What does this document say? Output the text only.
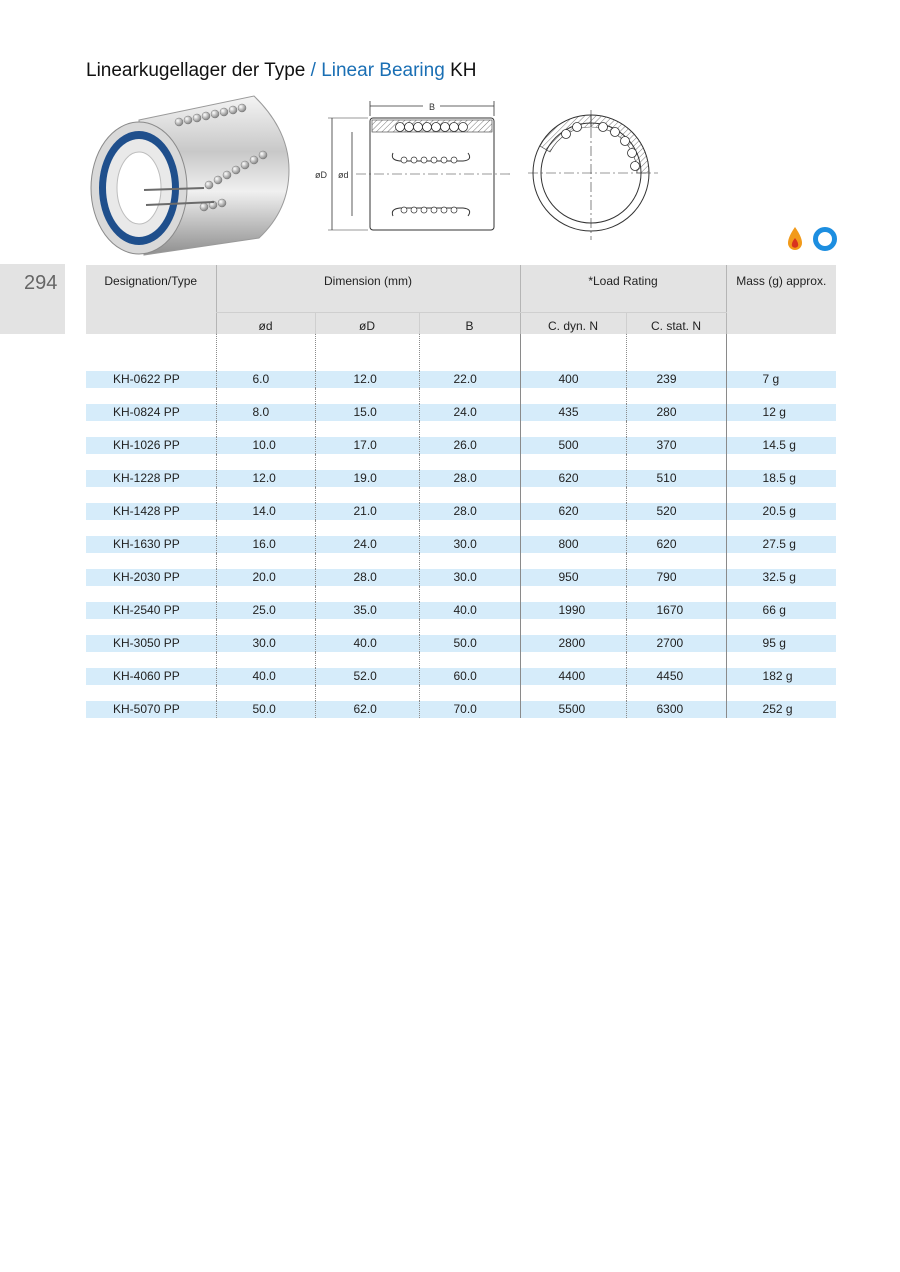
Linearkugellager der Type / Linear Bearing KH
294
B
øD ød
Designation/Type	Dimension (mm)			*Load Rating		Mass (g) approx.
	ød	øD	B	C. dyn. N	C. stat. N	

KH-0622 PP	6.0	12.0	22.0	400	239	7 g

KH-0824 PP	8.0	15.0	24.0	435	280	12 g

KH-1026 PP	10.0	17.0	26.0	500	370	14.5 g

KH-1228 PP	12.0	19.0	28.0	620	510	18.5 g

KH-1428 PP	14.0	21.0	28.0	620	520	20.5 g

KH-1630 PP	16.0	24.0	30.0	800	620	27.5 g

KH-2030 PP	20.0	28.0	30.0	950	790	32.5 g

KH-2540 PP	25.0	35.0	40.0	1990	1670	66 g

KH-3050 PP	30.0	40.0	50.0	2800	2700	95 g

KH-4060 PP	40.0	52.0	60.0	4400	4450	182 g

KH-5070 PP	50.0	62.0	70.0	5500	6300	252 g
